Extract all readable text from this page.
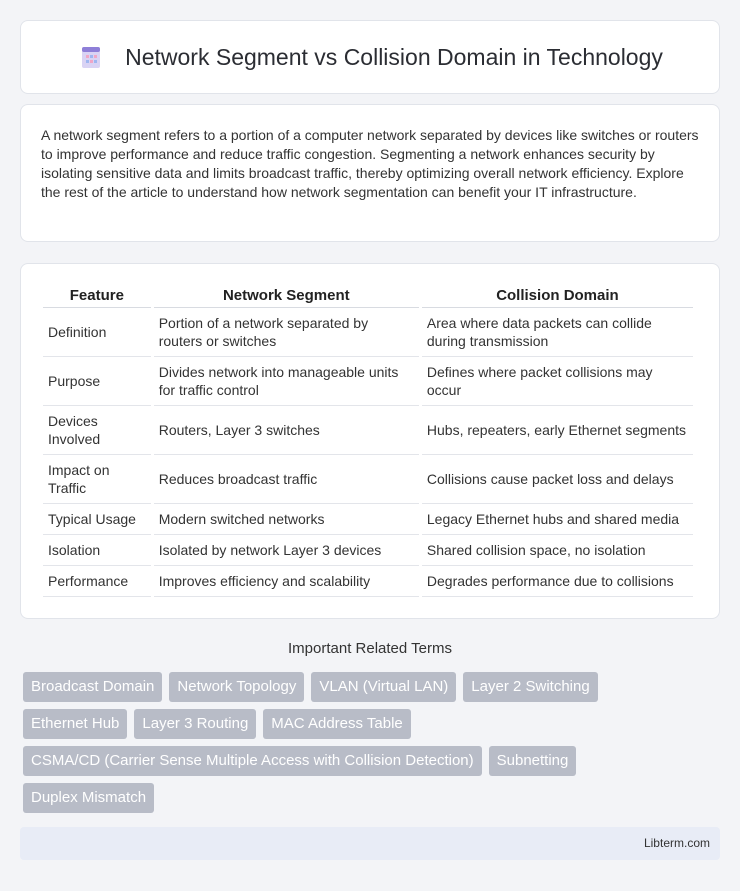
Network Segment vs Collision Domain in Technology

A network segment refers to a portion of a computer network separated by devices like switches or routers to improve performance and reduce traffic congestion. Segmenting a network enhances security by isolating sensitive data and limits broadcast traffic, thereby optimizing overall network efficiency. Explore the rest of the article to understand how network segmentation can benefit your IT infrastructure.

Feature	Network Segment	Collision Domain
Definition	Portion of a network separated by routers or switches	Area where data packets can collide during transmission
Purpose	Divides network into manageable units for traffic control	Defines where packet collisions may occur
Devices Involved	Routers, Layer 3 switches	Hubs, repeaters, early Ethernet segments
Impact on Traffic	Reduces broadcast traffic	Collisions cause packet loss and delays
Typical Usage	Modern switched networks	Legacy Ethernet hubs and shared media
Isolation	Isolated by network Layer 3 devices	Shared collision space, no isolation
Performance	Improves efficiency and scalability	Degrades performance due to collisions
Important Related Terms
Broadcast Domain	Network Topology	VLAN (Virtual LAN)	Layer 2 Switching
Ethernet Hub	Layer 3 Routing	MAC Address Table
CSMA/CD (Carrier Sense Multiple Access with Collision Detection)	Subnetting
Duplex Mismatch
Libterm.com
